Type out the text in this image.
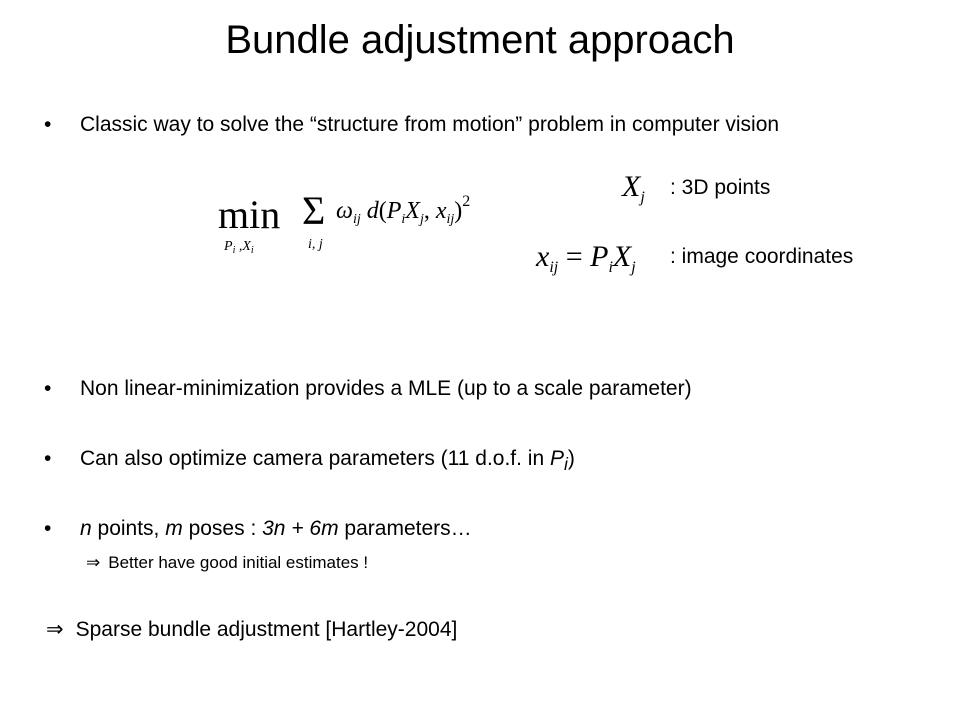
Bundle adjustment approach
• Classic way to solve the “structure from motion” problem in computer vision
min
$P_i$ $,X_i$
Σ
i, j
$\omega_{ij}$ $d(P_iX_j$, $x_{ij})^2$	$X_j$ : 3D points
$x_{ij} = P_iX_j$ : image coordinates
• Non linear-minimization provides a MLE (up to a scale parameter)
• Can also optimize camera parameters (11 d.o.f. in $P_i$)
• n points, m poses : 3n + 6m parameters…
⇒ Better have good initial estimates !
⇒ Sparse bundle adjustment [Hartley-2004]
